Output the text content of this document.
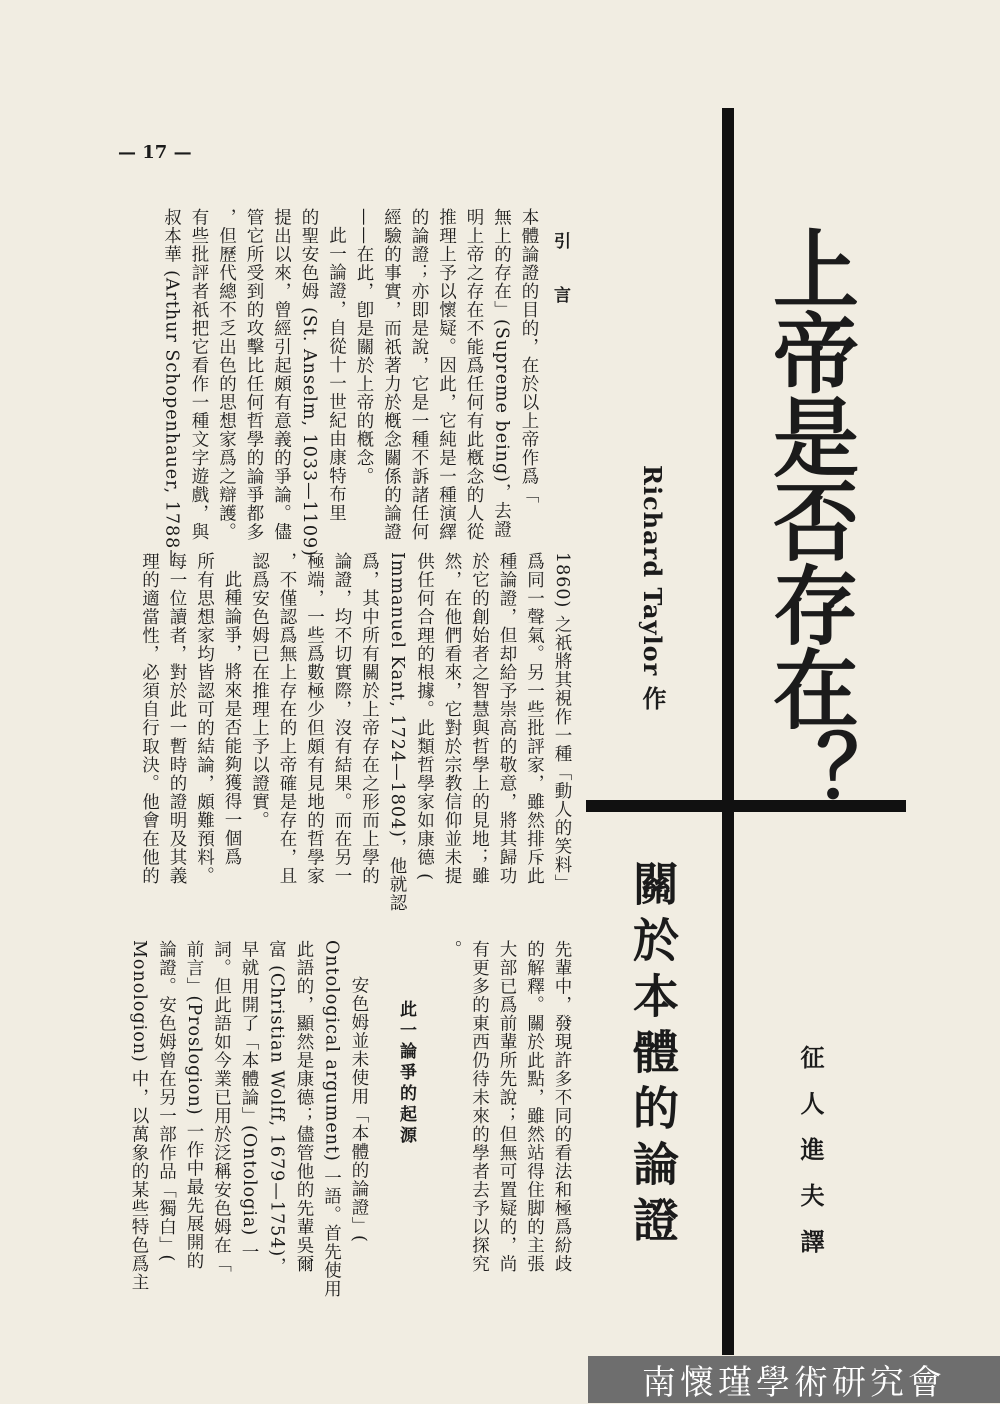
上帝是否存在？
關於本體的論證
Richard Taylor 作
征人進夫譯
— 17 —
引　言
本體論證的目的，在於以上帝作爲「
無上的存在」(Supreme being)，去證
明上帝之存在不能爲任何有此槪念的人從
推理上予以懷疑。因此，它純是一種演繹
的論證；亦即是說，它是一種不訴諸任何
經驗的事實，而祇著力於槪念關係的論證
——在此，卽是關於上帝的槪念。
此一論證，自從十一世紀由康特布里
的聖安色姆 (St. Anselm, 1033—1109)
提出以來，曾經引起頗有意義的爭論。儘
管它所受到的攻擊比任何哲學的論爭都多
，但歷代總不乏出色的思想家爲之辯護。
有些批評者祇把它看作一種文字遊戲，與
叔本華 (Arthur Schopenhauer, 1788—
1860) 之祇將其視作一種「動人的笑料」
爲同一聲氣。另一些批評家，雖然排斥此
種論證，但却給予崇高的敬意，將其歸功
於它的創始者之智慧與哲學上的見地；雖
然，在他們看來，它對於宗教信仰並未提
供任何合理的根據。此類哲學家如康德 (
Immanuel Kant, 1724—1804)，他就認
爲，其中所有關於上帝存在之形而上學的
論證，均不切實際，沒有結果。而在另一
極端，一些爲數極少但頗有見地的哲學家
，不僅認爲無上存在的上帝確是存在，且
認爲安色姆已在推理上予以證實。
此種論爭，將來是否能夠獲得一個爲
所有思想家均皆認可的結論，頗難預料。
每一位讀者，對於此一暫時的證明及其義
理的適當性，必須自行取決。他會在他的
先輩中，發現許多不同的看法和極爲紛歧
的解釋。關於此點，雖然站得住脚的主張
大部已爲前輩所先說；但無可置疑的，尚
有更多的東西仍待未來的學者去予以探究
。
此一論爭的起源
安色姆並未使用「本體的論證」(
Ontological argument) 一語。首先使用
此語的，顯然是康德；儘管他的先輩吳爾
富 (Christian Wolff, 1679—1754)，
早就用開了「本體論」(Ontologia) 一
詞。但此語如今業已用於泛稱安色姆在「
前言」(Proslogion) 一作中最先展開的
論證。安色姆曾在另一部作品「獨白」(
Monologion) 中，以萬象的某些特色爲主
南懷瑾學術研究會
